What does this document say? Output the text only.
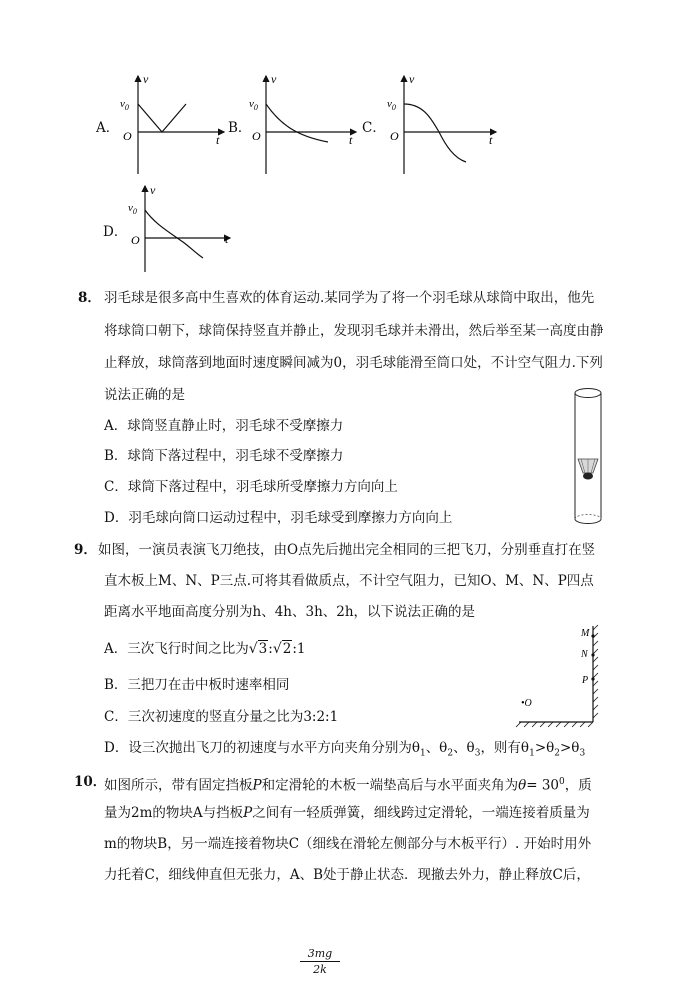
A．
v
$v_0$
O	t
B．
v
$v_0$
O	t
C．
v
$v_0$
O	t
D．
v
$v_0$
O	t
8． 羽毛球是很多高中生喜欢的体育运动.某同学为了将一个羽毛球从球筒中取出，他先
将球筒口朝下，球筒保持竖直并静止，发现羽毛球并未滑出，然后举至某一高度由静
止释放，球筒落到地面时速度瞬间减为0，羽毛球能滑至筒口处，不计空气阻力.下列
说法正确的是
A．球筒竖直静止时，羽毛球不受摩擦力
B．球筒下落过程中，羽毛球不受摩擦力
C．球筒下落过程中，羽毛球所受摩擦力方向向上
D．羽毛球向筒口运动过程中，羽毛球受到摩擦力方向向上
9． 如图，一演员表演飞刀绝技，由O点先后抛出完全相同的三把飞刀，分别垂直打在竖
直木板上M、N、P三点.可将其看做质点，不计空气阻力，已知O、M、N、P四点
距离水平地面高度分别为h、4h、3h、2h，以下说法正确的是
A．三次飞行时间之比为√3:√2:1
B．三把刀在击中板时速率相同
C．三次初速度的竖直分量之比为3:2:1
D．设三次抛出飞刀的初速度与水平方向夹角分别为$\theta_1$、$\theta_2$、$\theta_3$，则有$\theta_1>\theta_2>\theta_3$
M
N
P
•O
10．
如图所示，带有固定挡板P和定滑轮的木板一端垫高后与水平面夹角为$\theta= 30^0$，质
量为2m的物块A与挡板P之间有一轻质弹簧，细线跨过定滑轮，一端连接着质量为
m的物块B，另一端连接着物块C（细线在滑轮左侧部分与木板平行）. 开始时用外
力托着C，细线伸直但无张力，A、B处于静止状态．现撤去外力，静止释放C后，
$\frac{3mg}{2k}$
